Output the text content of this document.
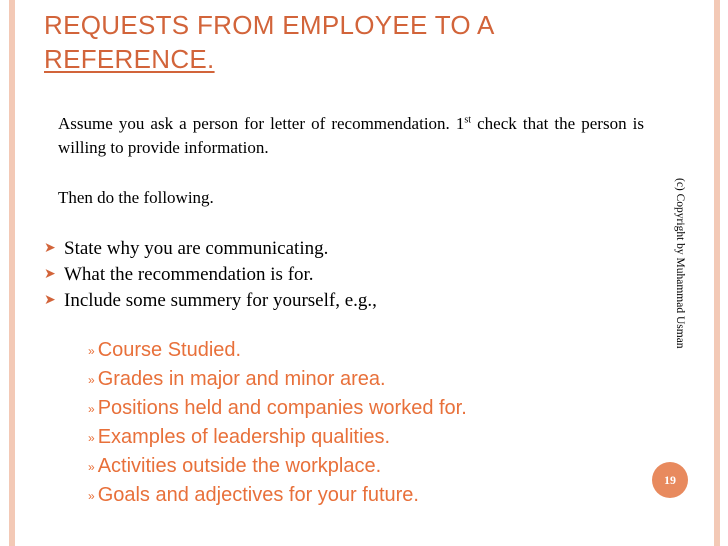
REQUESTS FROM EMPLOYEE TO A
REFERENCE.

Assume you ask a person for letter of recommendation. 1st check that the person is willing to provide information.

Then do the following.
➤ State why you are communicating.
➤ What the recommendation is for.
➤ Include some summery for yourself, e.g.,
» Course Studied.
» Grades in major and minor area.
» Positions held and companies worked for.
» Examples of leadership qualities.
» Activities outside the workplace.
» Goals and adjectives for your future.
(c) Copyright by Muhammad Usman
19
